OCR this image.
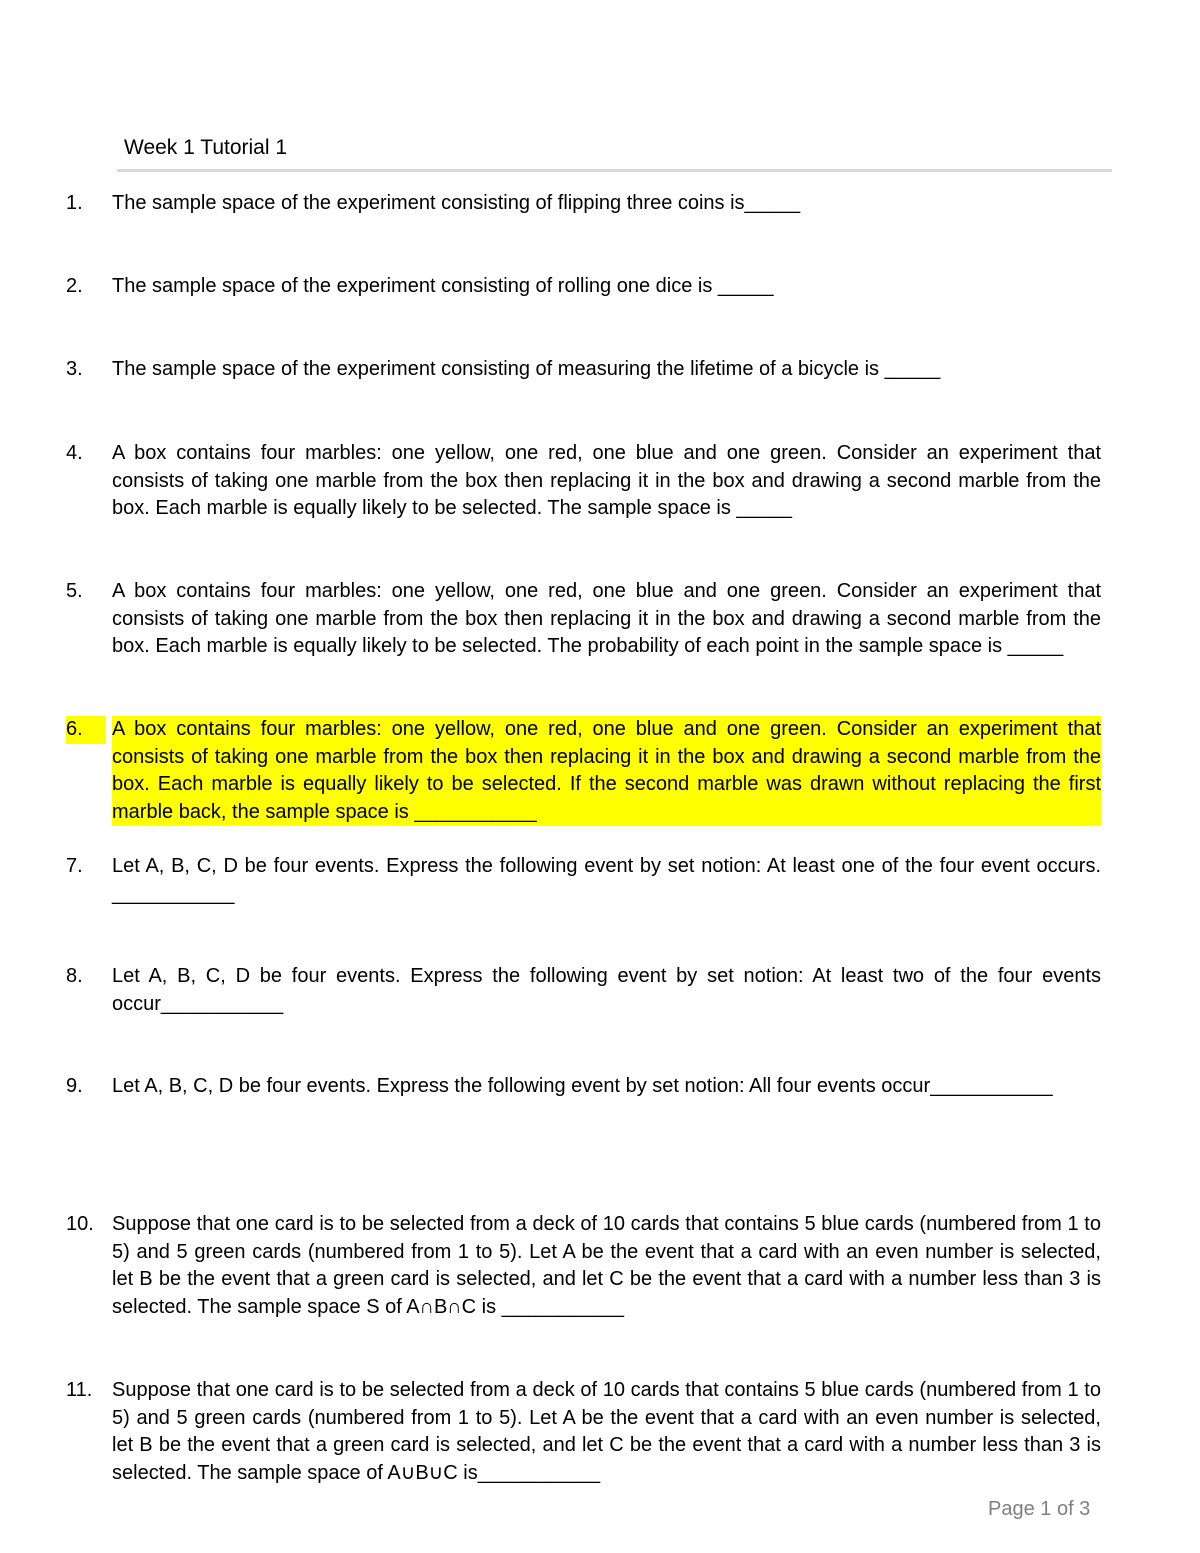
Week 1 Tutorial 1
1.	The sample space of the experiment consisting of flipping three coins is_____
2.	The sample space of the experiment consisting of rolling one dice is _____
3.	The sample space of the experiment consisting of measuring the lifetime of a bicycle is _____
4.	A box contains four marbles: one yellow, one red, one blue and one green. Consider an experiment that consists of taking one marble from the box then replacing it in the box and drawing a second marble from the box. Each marble is equally likely to be selected. The sample space is _____
5.	A box contains four marbles: one yellow, one red, one blue and one green. Consider an experiment that consists of taking one marble from the box then replacing it in the box and drawing a second marble from the box. Each marble is equally likely to be selected. The probability of each point in the sample space is _____
6.	A box contains four marbles: one yellow, one red, one blue and one green. Consider an experiment that consists of taking one marble from the box then replacing it in the box and drawing a second marble from the box. Each marble is equally likely to be selected. If the second marble was drawn without replacing the first marble back, the sample space is ___________
7.	Let A, B, C, D be four events. Express the following event by set notion: At least one of the four event occurs. ___________
8.	Let A, B, C, D be four events. Express the following event by set notion: At least two of the four events occur___________
9.	Let A, B, C, D be four events. Express the following event by set notion: All four events occur___________
10. Suppose that one card is to be selected from a deck of 10 cards that contains 5 blue cards (numbered from 1 to 5) and 5 green cards (numbered from 1 to 5). Let A be the event that a card with an even number is selected, let B be the event that a green card is selected, and let C be the event that a card with a number less than 3 is selected. The sample space S of A∩B∩C is ___________
11. Suppose that one card is to be selected from a deck of 10 cards that contains 5 blue cards (numbered from 1 to 5) and 5 green cards (numbered from 1 to 5). Let A be the event that a card with an even number is selected, let B be the event that a green card is selected, and let C be the event that a card with a number less than 3 is selected. The sample space of A∪B∪C is___________
Page 1 of 3
